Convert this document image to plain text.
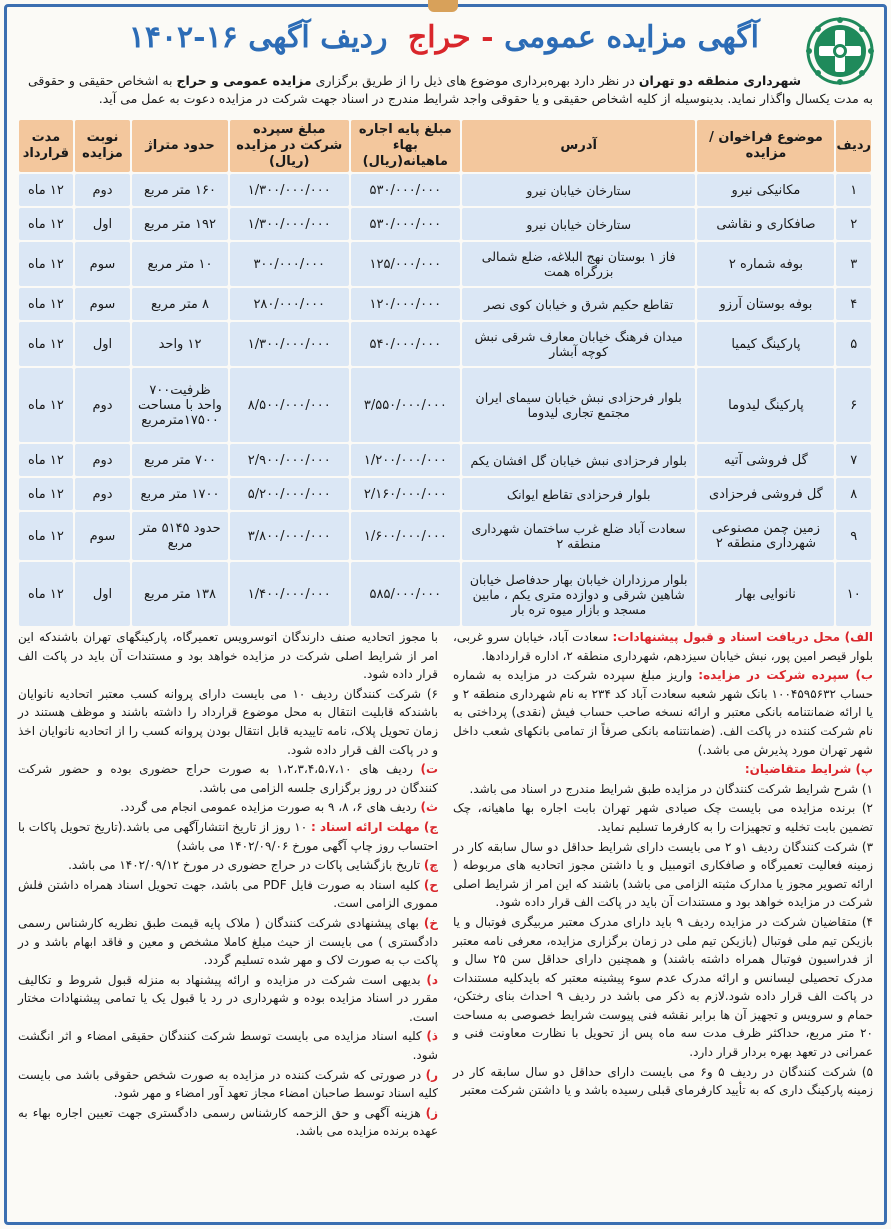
آگهی مزایده عمومی - حراج ردیف آگهی ۱۶-۱۴۰۲
شهرداری منطقه دو تهران در نظر دارد بهره‌برداری موضوع های ذیل را از طریق برگزاری مزایده عمومی و حراج به اشخاص حقیقی و حقوقی
به مدت یکسال واگذار نماید. بدینوسیله از کلیه اشخاص حقیقی و یا حقوقی واجد شرایط مندرج در اسناد جهت شرکت در مزایده دعوت به عمل می آید.
ردیف	موضوع فراخوان / مزایده	آدرس	مبلغ پایه اجاره بهاء ماهیانه(ریال)	مبلغ سپرده شرکت در مزایده (ریال)	حدود متراژ	نوبت مزایده	مدت قرارداد
۱	مکانیکی نیرو	ستارخان خیابان نیرو	۵۳۰/۰۰۰/۰۰۰	۱/۳۰۰/۰۰۰/۰۰۰	۱۶۰ متر مربع	دوم	۱۲ ماه
۲	صافکاری و نقاشی	ستارخان خیابان نیرو	۵۳۰/۰۰۰/۰۰۰	۱/۳۰۰/۰۰۰/۰۰۰	۱۹۲ متر مربع	اول	۱۲ ماه
۳	بوفه شماره ۲	فاز ۱ بوستان نهج البلاغه، ضلع شمالی بزرگراه همت	۱۲۵/۰۰۰/۰۰۰	۳۰۰/۰۰۰/۰۰۰	۱۰ متر مربع	سوم	۱۲ ماه
۴	بوفه بوستان آرزو	تقاطع حکیم شرق و خیابان کوی نصر	۱۲۰/۰۰۰/۰۰۰	۲۸۰/۰۰۰/۰۰۰	۸ متر مربع	سوم	۱۲ ماه
۵	پارکینگ کیمیا	میدان فرهنگ خیابان معارف شرقی نبش کوچه آبشار	۵۴۰/۰۰۰/۰۰۰	۱/۳۰۰/۰۰۰/۰۰۰	۱۲ واحد	اول	۱۲ ماه
۶	پارکینگ لیدوما	بلوار فرحزادی نبش خیابان سیمای ایران مجتمع تجاری لیدوما	۳/۵۵۰/۰۰۰/۰۰۰	۸/۵۰۰/۰۰۰/۰۰۰	ظرفیت۷۰۰ واحد با مساحت ۱۷۵۰۰مترمربع	دوم	۱۲ ماه
۷	گل فروشی آتیه	بلوار فرحزادی نبش خیابان گل افشان یکم	۱/۲۰۰/۰۰۰/۰۰۰	۲/۹۰۰/۰۰۰/۰۰۰	۷۰۰ متر مربع	دوم	۱۲ ماه
۸	گل فروشی فرحزادی	بلوار فرحزادی تقاطع ایوانک	۲/۱۶۰/۰۰۰/۰۰۰	۵/۲۰۰/۰۰۰/۰۰۰	۱۷۰۰ متر مربع	دوم	۱۲ ماه
۹	زمین چمن مصنوعی شهرداری منطقه ۲	سعادت آباد ضلع غرب ساختمان شهرداری منطقه ۲	۱/۶۰۰/۰۰۰/۰۰۰	۳/۸۰۰/۰۰۰/۰۰۰	حدود ۵۱۴۵ متر مربع	سوم	۱۲ ماه
۱۰	نانوایی بهار	بلوار مرزداران خیابان بهار حدفاصل خیابان شاهین شرقی و دوازده متری یکم ، مابین مسجد و بازار میوه تره بار	۵۸۵/۰۰۰/۰۰۰	۱/۴۰۰/۰۰۰/۰۰۰	۱۳۸ متر مربع	اول	۱۲ ماه

الف) محل دریافت اسناد و قبول پیشنهادات: سعادت آباد، خیابان سرو غربی، بلوار قیصر امین پور، نبش خیابان سیزدهم، شهرداری منطقه ۲، اداره قراردادها.

ب) سپرده شرکت در مزایده: واریز مبلغ سپرده شرکت در مزایده به شماره حساب ۱۰۰۴۵۹۵۶۳۲ بانک شهر شعبه سعادت آباد کد ۲۳۴ به نام شهرداری منطقه ۲ و یا ارائه ضمانتنامه بانکی معتبر و ارائه نسخه صاحب حساب فیش (نقدی) پرداختی به نام شرکت کننده در پاکت الف. (ضمانتنامه بانکی صرفاً از تمامی بانکهای شعب داخل شهر تهران مورد پذیرش می باشد.)

پ) شرایط متقاضیان:

۱) شرح شرایط شرکت کنندگان در مزایده طبق شرایط مندرج در اسناد می باشد.

۲) برنده مزایده می بایست چک صیادی شهر تهران بابت اجاره بها ماهیانه، چک تضمین بابت تخلیه و تجهیزات را به کارفرما تسلیم نماید.

۳) شرکت کنندگان ردیف ۱و ۲ می بایست دارای شرایط حداقل دو سال سابقه کار در زمینه فعالیت تعمیرگاه و صافکاری اتومبیل و یا داشتن مجوز اتحادیه های مربوطه ( ارائه تصویر مجوز یا مدارک مثبته الزامی می باشد) باشند که این امر از شرایط اصلی شرکت در مزایده خواهد بود و مستندات آن باید در پاکت الف قرار داده شود.

۴) متقاضیان شرکت در مزایده ردیف ۹ باید دارای مدرک معتبر مربیگری فوتبال و یا بازیکن تیم ملی فوتبال (بازیکن تیم ملی در زمان برگزاری مزایده، معرفی نامه معتبر از فدراسیون فوتبال همراه داشته باشند) و همچنین دارای حداقل سن ۲۵ سال و مدرک تحصیلی لیسانس و ارائه مدرک عدم سوء پیشینه معتبر که بایدکلیه مستندات در پاکت الف قرار داده شود.لازم به ذکر می باشد در ردیف ۹ احداث بنای رختکن، حمام و سرویس و تجهیز آن ها برابر نقشه فنی پیوست شرایط خصوصی به مساحت ۲۰ متر مربع، حداکثر ظرف مدت سه ماه پس از تحویل با نظارت معاونت فنی و عمرانی در تعهد بهره بردار قرار دارد.

۵) شرکت کنندگان در ردیف ۵ و۶ می بایست دارای حداقل دو سال سابقه کار در زمینه پارکینگ داری که به تأیید کارفرمای قبلی رسیده باشد و یا داشتن شرکت معتبر

با مجوز اتحادیه صنف دارندگان اتوسرویس تعمیرگاه، پارکینگهای تهران باشندکه این امر از شرایط اصلی شرکت در مزایده خواهد بود و مستندات آن باید در پاکت الف قرار داده شود.

۶) شرکت کنندگان ردیف ۱۰ می بایست دارای پروانه کسب معتبر اتحادیه نانوایان باشندکه قابلیت انتقال به محل موضوع قرارداد را داشته باشند و موظف هستند در زمان تحویل پلاک، نامه تاییدیه قابل انتقال بودن پروانه کسب را از اتحادیه نانوایان اخذ و در پاکت الف قرار داده شود.

ت) ردیف های ۱،۲،۳،۴،۵،۷،۱۰ به صورت حراج حضوری بوده و حضور شرکت کنندگان در روز برگزاری جلسه الزامی می باشد.

ث) ردیف های ۶، ۸، ۹ به صورت مزایده عمومی انجام می گردد.

ج) مهلت ارائه اسناد : ۱۰ روز از تاریخ انتشارآگهی می باشد.(تاریخ تحویل پاکات با احتساب روز چاپ آگهی مورخ ۱۴۰۲/۰۹/۰۶ می باشد)

چ) تاریخ بازگشایی پاکات در حراج حضوری در مورخ ۱۴۰۲/۰۹/۱۲ می باشد.

ح) کلیه اسناد به صورت فایل PDF می باشد، جهت تحویل اسناد همراه داشتن فلش مموری الزامی است.

خ) بهای پیشنهادی شرکت کنندگان ( ملاک پایه قیمت طبق نظریه کارشناس رسمی دادگستری ) می بایست از حیث مبلغ کاملا مشخص و معین و فاقد ابهام باشد و در پاکت ب به صورت لاک و مهر شده تسلیم گردد.

د) بدیهی است شرکت در مزایده و ارائه پیشنهاد به منزله قبول شروط و تکالیف مقرر در اسناد مزایده بوده و شهرداری در رد یا قبول یک یا تمامی پیشنهادات مختار است.

ذ) کلیه اسناد مزایده می بایست توسط شرکت کنندگان حقیقی امضاء و اثر انگشت شود.

ر) در صورتی که شرکت کننده در مزایده به صورت شخص حقوقی باشد می بایست کلیه اسناد توسط صاحبان امضاء مجاز تعهد آور امضاء و مهر شود.

ز) هزینه آگهی و حق الزحمه کارشناس رسمی دادگستری جهت تعیین اجاره بهاء به عهده برنده مزایده می باشد.
